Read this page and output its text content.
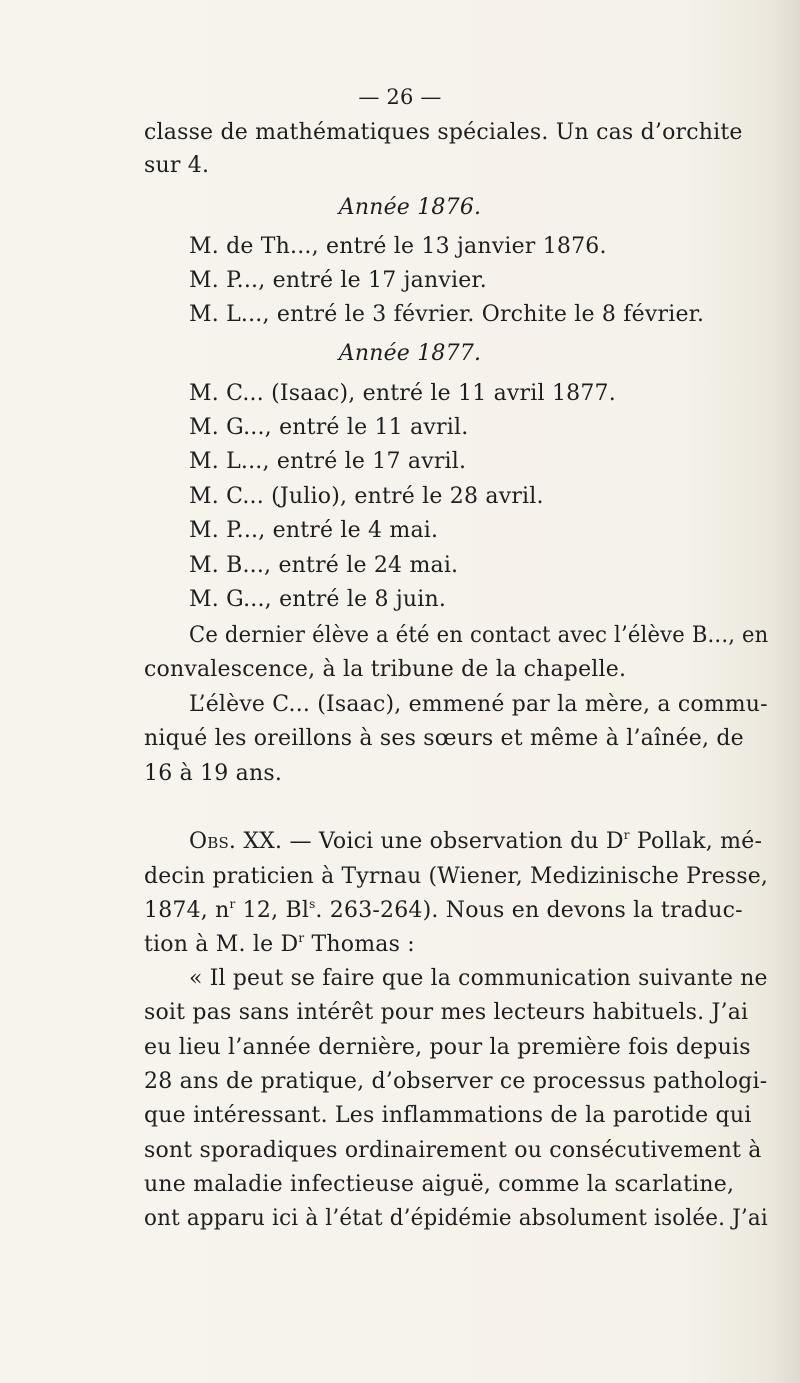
— 26 —
classe de mathématiques spéciales. Un cas d’orchite
sur 4.
Année 1876.
M. de Th..., entré le 13 janvier 1876.
M. P..., entré le 17 janvier.
M. L..., entré le 3 février. Orchite le 8 février.
Année 1877.
M. C... (Isaac), entré le 11 avril 1877.
M. G..., entré le 11 avril.
M. L..., entré le 17 avril.
M. C... (Julio), entré le 28 avril.
M. P..., entré le 4 mai.
M. B..., entré le 24 mai.
M. G..., entré le 8 juin.
Ce dernier élève a été en contact avec l’élève B..., en
convalescence, à la tribune de la chapelle.
L’élève C... (Isaac), emmené par la mère, a commu-
niqué les oreillons à ses sœurs et même à l’aînée, de
16 à 19 ans.
Obs. XX. — Voici une observation du $D^r$ Pollak, mé-
decin praticien à Tyrnau (Wiener, Medizinische Presse,
1874, $n^r$ 12, Bl$^s$. 263-264). Nous en devons la traduc-
tion à M. le $D^r$ Thomas :
« Il peut se faire que la communication suivante ne
soit pas sans intérêt pour mes lecteurs habituels. J’ai
eu lieu l’année dernière, pour la première fois depuis
28 ans de pratique, d’observer ce processus pathologi-
que intéressant. Les inflammations de la parotide qui
sont sporadiques ordinairement ou consécutivement à
une maladie infectieuse aiguë, comme la scarlatine,
ont apparu ici à l’état d’épidémie absolument isolée. J’ai
